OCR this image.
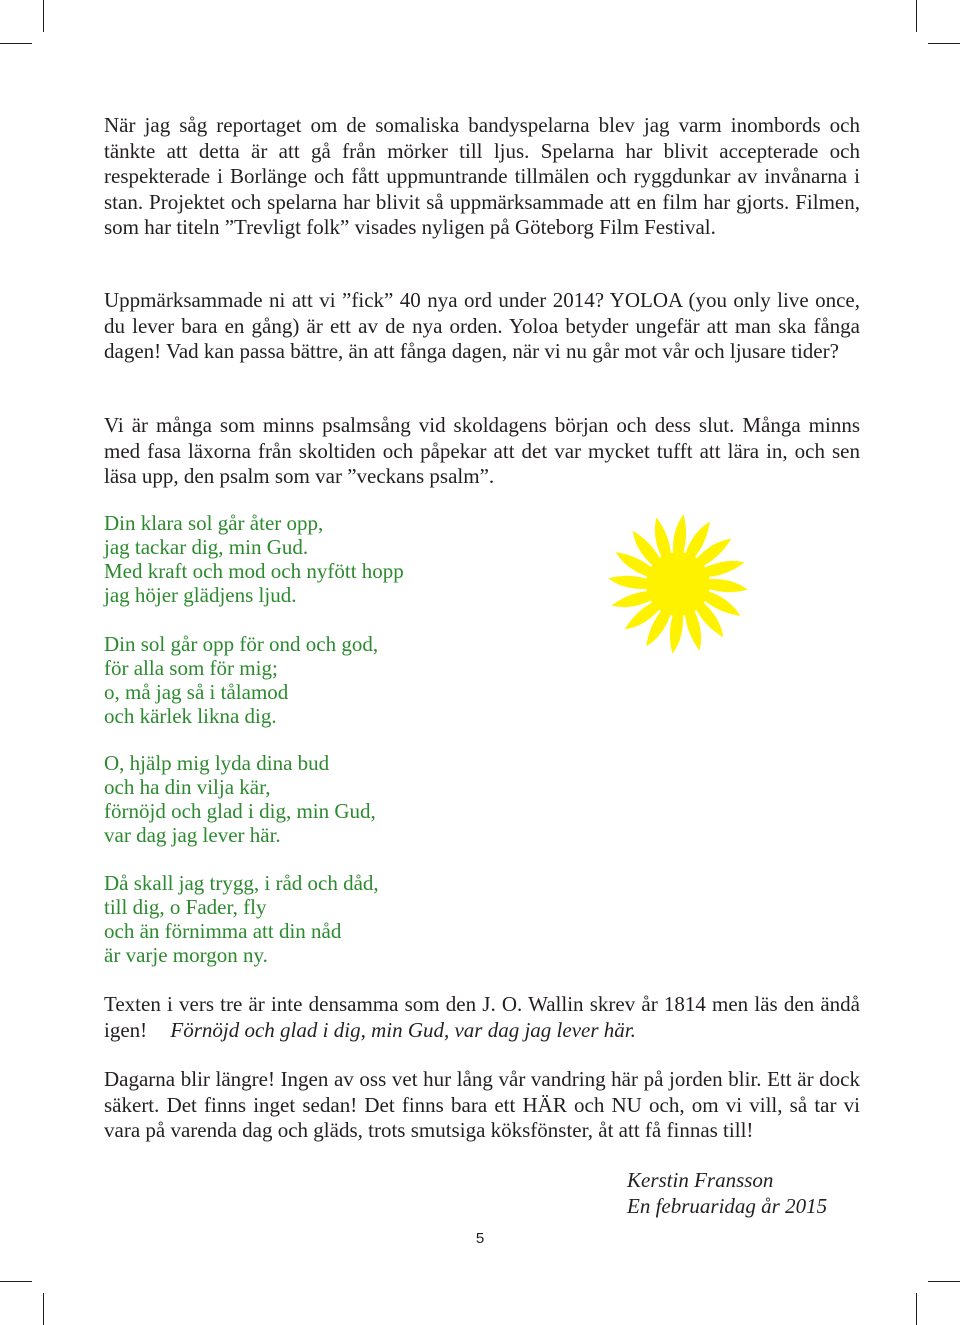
När jag såg reportaget om de somaliska bandyspelarna blev jag varm inombords och tänkte att detta är att gå från mörker till ljus. Spelarna har blivit accepterade och respekterade i Borlänge och fått uppmuntrande tillmälen och ryggdunkar av invånarna i stan. Projektet och spelarna har blivit så uppmärksammade att en film har gjorts. Filmen, som har titeln ”Trevligt folk” visades nyligen på Göteborg Film Festival.

Uppmärksammade ni att vi ”fick” 40 nya ord under 2014? YOLOA (you only live once, du lever bara en gång) är ett av de nya orden. Yoloa betyder ungefär att man ska fånga dagen! Vad kan passa bättre, än att fånga dagen, när vi nu går mot vår och ljusare tider?

Vi är många som minns psalmsång vid skoldagens början och dess slut. Många minns med fasa läxorna från skoltiden och påpekar att det var mycket tufft att lära in, och sen läsa upp, den psalm som var ”veckans psalm”.

Din klara sol går åter opp,
jag tackar dig, min Gud.
Med kraft och mod och nyfött hopp
jag höjer glädjens ljud.
Din sol går opp för ond och god,
för alla som för mig;
o, må jag så i tålamod
och kärlek likna dig.
O, hjälp mig lyda dina bud
och ha din vilja kär,
förnöjd och glad i dig, min Gud,
var dag jag lever här.
Då skall jag trygg, i råd och dåd,
till dig, o Fader, fly
och än förnimma att din nåd
är varje morgon ny.

Texten i vers tre är inte densamma som den J. O. Wallin skrev år 1814 men läs den ändå igen! Förnöjd och glad i dig, min Gud, var dag jag lever här.

Dagarna blir längre! Ingen av oss vet hur lång vår vandring här på jorden blir. Ett är dock säkert. Det finns inget sedan! Det finns bara ett HÄR och NU och, om vi vill, så tar vi vara på varenda dag och gläds, trots smutsiga köksfönster, åt att få finnas till!

Kerstin Fransson
En februaridag år 2015
5
